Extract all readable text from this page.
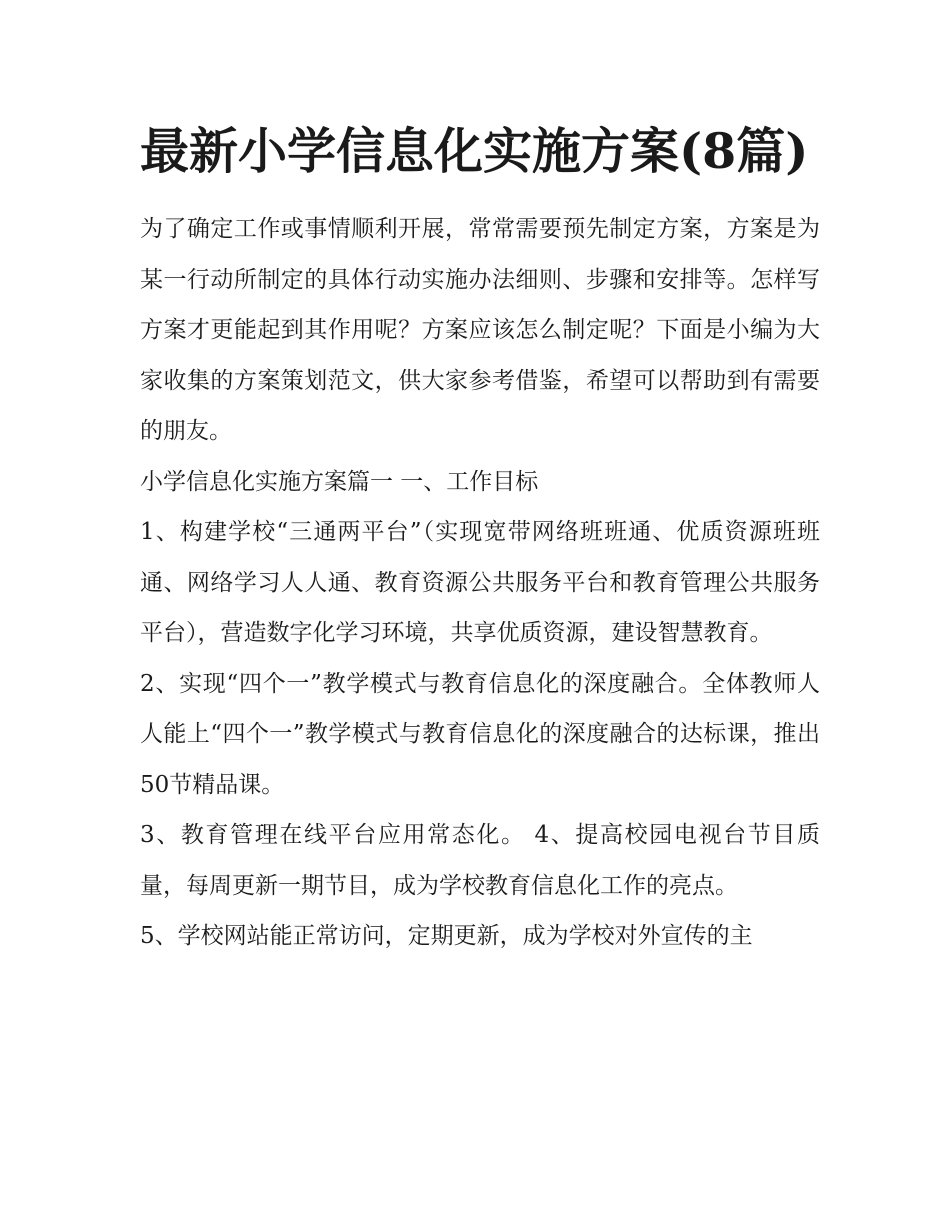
最新小学信息化实施方案(8篇)

为了确定工作或事情顺利开展，常常需要预先制定方案，方案是为某一行动所制定的具体行动实施办法细则、步骤和安排等。怎样写方案才更能起到其作用呢？方案应该怎么制定呢？下面是小编为大家收集的方案策划范文，供大家参考借鉴，希望可以帮助到有需要的朋友。

小学信息化实施方案篇一 一、工作目标

1、构建学校“三通两平台”（实现宽带网络班班通、优质资源班班通、网络学习人人通、教育资源公共服务平台和教育管理公共服务平台），营造数字化学习环境，共享优质资源，建设智慧教育。

2、实现“四个一”教学模式与教育信息化的深度融合。全体教师人人能上“四个一”教学模式与教育信息化的深度融合的达标课，推出50节精品课。

3、教育管理在线平台应用常态化。 4、提高校园电视台节目质量，每周更新一期节目，成为学校教育信息化工作的亮点。

5、学校网站能正常访问，定期更新，成为学校对外宣传的主
